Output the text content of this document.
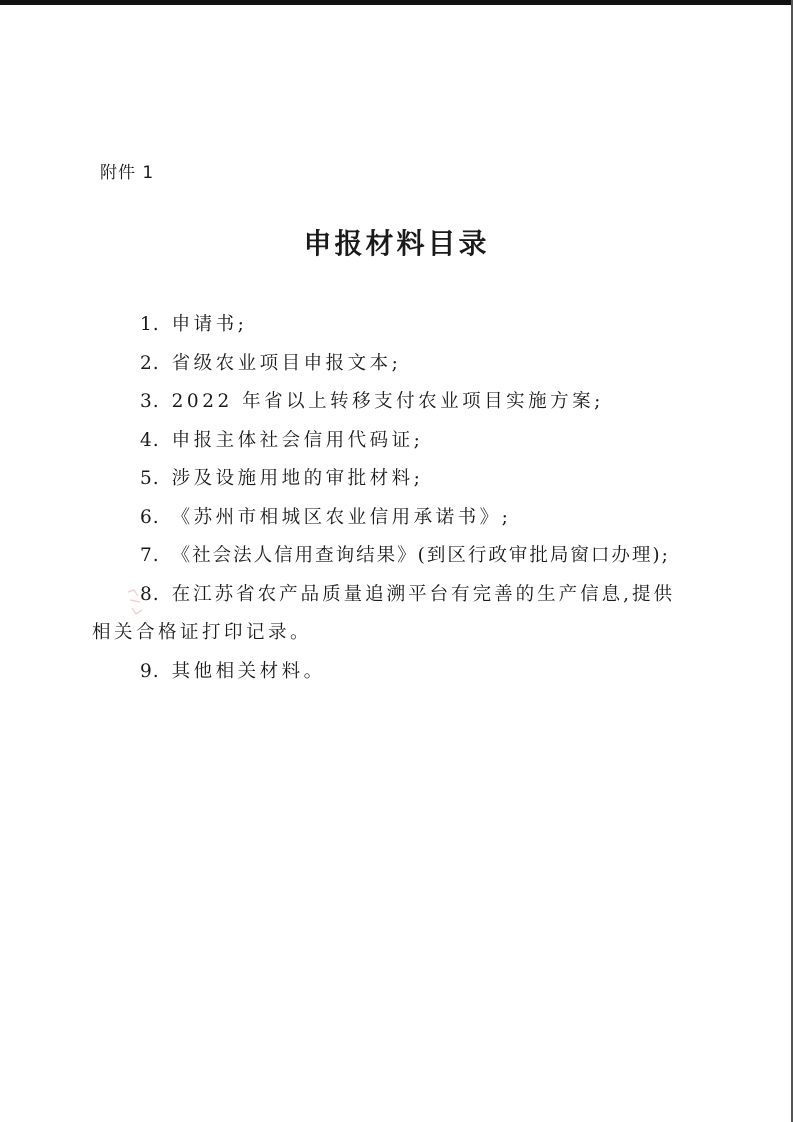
附件 1
申报材料目录
1. 申请书;
2. 省级农业项目申报文本;
3. 2022 年省以上转移支付农业项目实施方案;
4. 申报主体社会信用代码证;
5. 涉及设施用地的审批材料;
6. 《苏州市相城区农业信用承诺书》;
7. 《社会法人信用查询结果》(到区行政审批局窗口办理);
8. 在江苏省农产品质量追溯平台有完善的生产信息,提供
相关合格证打印记录。
9. 其他相关材料。
